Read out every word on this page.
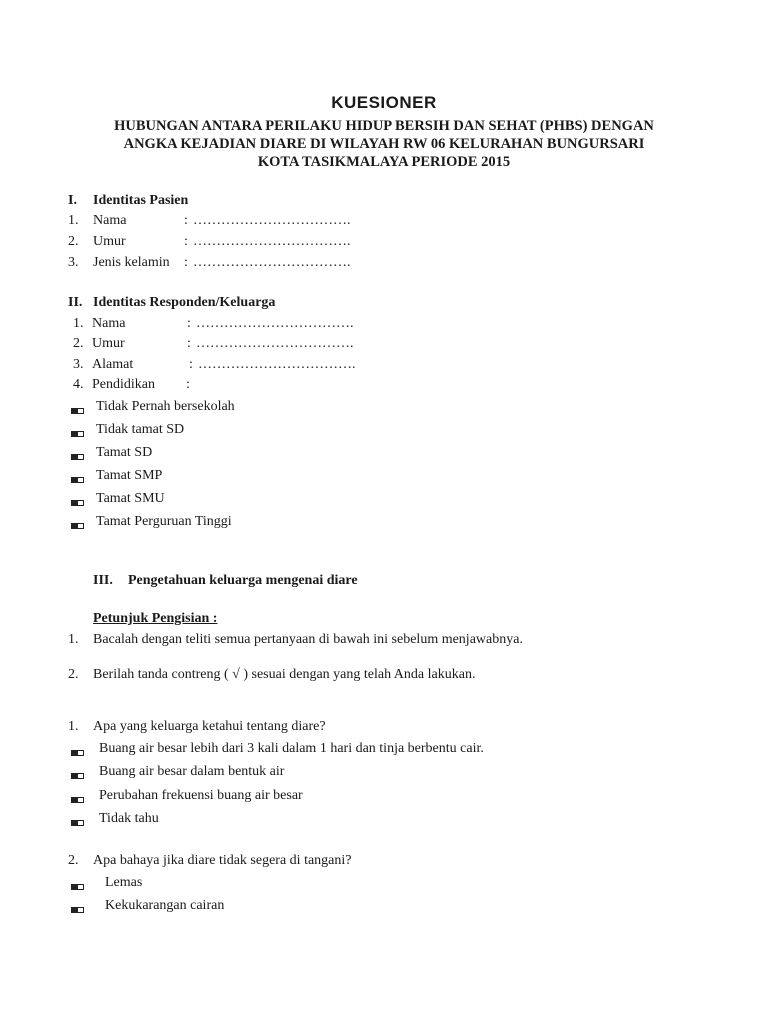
KUESIONER
HUBUNGAN ANTARA PERILAKU HIDUP BERSIH DAN SEHAT (PHBS) DENGAN
ANGKA KEJADIAN DIARE DI WILAYAH RW 06 KELURAHAN BUNGURSARI
KOTA TASIKMALAYA PERIODE 2015
I. Identitas Pasien
1. Nama	: …………………………….
2. Umur	: …………………………….
3. Jenis kelamin : …………………………….
II. Identitas Responden/Keluarga
1. Nama	: …………………………….
2. Umur	: …………………………….
3. Alamat	: …………………………….
4. Pendidikan :
Tidak Pernah bersekolah
Tidak tamat SD
Tamat SD
Tamat SMP
Tamat SMU
Tamat Perguruan Tinggi
III. Pengetahuan keluarga mengenai diare
Petunjuk Pengisian :
1. Bacalah dengan teliti semua pertanyaan di bawah ini sebelum menjawabnya.
2. Berilah tanda contreng ( √ ) sesuai dengan yang telah Anda lakukan.
1. Apa yang keluarga ketahui tentang diare?
Buang air besar lebih dari 3 kali dalam 1 hari dan tinja berbentu cair.
Buang air besar dalam bentuk air
Perubahan frekuensi buang air besar
Tidak tahu
2. Apa bahaya jika diare tidak segera di tangani?
Lemas
Kekukarangan cairan
